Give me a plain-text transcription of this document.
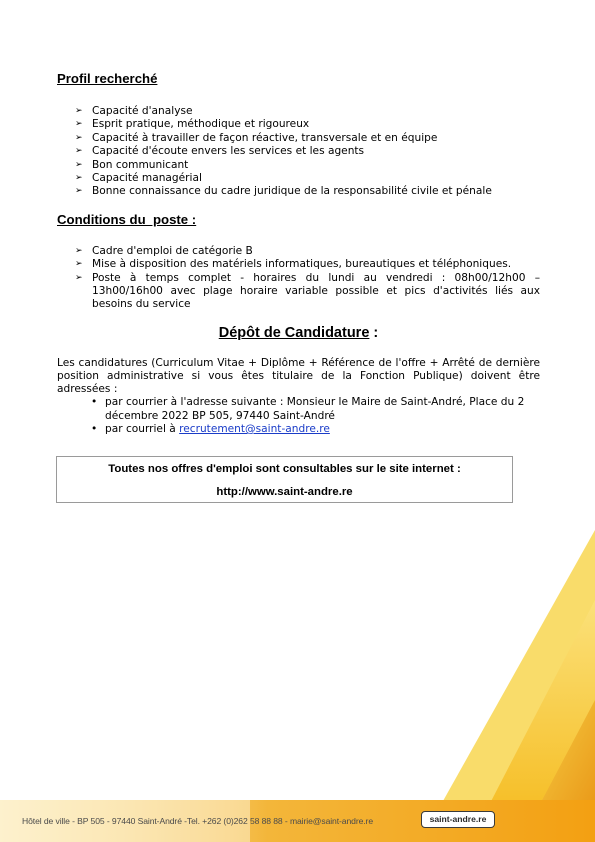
Profil recherché
➢ Capacité d'analyse
➢ Esprit pratique, méthodique et rigoureux
➢ Capacité à travailler de façon réactive, transversale et en équipe
➢ Capacité d'écoute envers les services et les agents
➢ Bon communicant
➢ Capacité managérial
➢ Bonne connaissance du cadre juridique de la responsabilité civile et pénale
Conditions du  poste :
➢ Cadre d'emploi de catégorie B
➢ Mise à disposition des matériels informatiques, bureautiques et téléphoniques.
➢ Poste à temps complet - horaires du lundi au vendredi : 08h00/12h00 – 13h00/16h00 avec plage horaire variable possible et pics d'activités liés aux besoins du service
Dépôt de Candidature :

Les candidatures (Curriculum Vitae + Diplôme + Référence de l'offre + Arrêté de dernière position administrative si vous êtes titulaire de la Fonction Publique) doivent être adressées :

• par courrier à l'adresse suivante : Monsieur le Maire de Saint-André, Place du 2 décembre 2022 BP 505, 97440 Saint-André
• par courriel à recrutement@saint-andre.re
Toutes nos offres d'emploi sont consultables sur le site internet :
http://www.saint-andre.re
Hôtel de ville - BP 505 - 97440 Saint-André -Tel. +262 (0)262 58 88 88 - mairie@saint-andre.re	saint-andre.re
